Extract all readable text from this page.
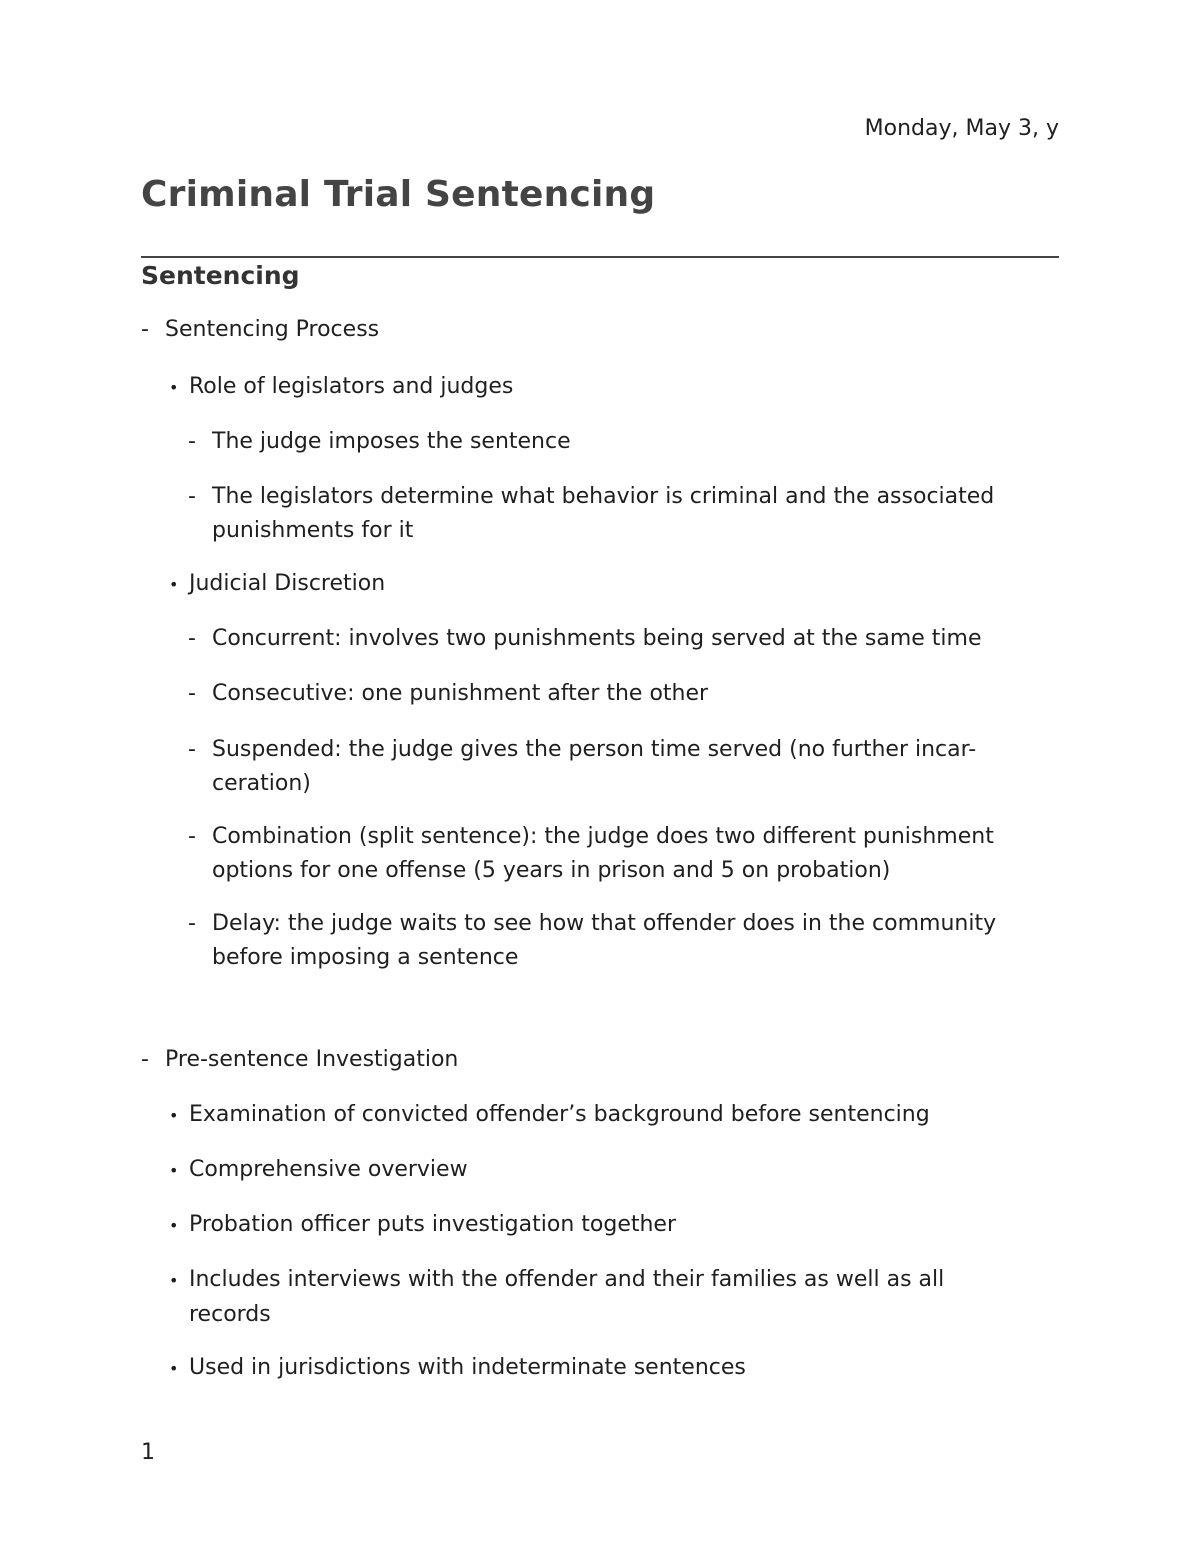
Monday, May 3, y
Criminal Trial Sentencing
Sentencing
- Sentencing Process
• Role of legislators and judges
- The judge imposes the sentence
- The legislators determine what behavior is criminal and the associated
punishments for it
• Judicial Discretion
- Concurrent: involves two punishments being served at the same time
- Consecutive: one punishment after the other
- Suspended: the judge gives the person time served (no further incar-
ceration)
- Combination (split sentence): the judge does two different punishment
options for one offense (5 years in prison and 5 on probation)
- Delay: the judge waits to see how that offender does in the community
before imposing a sentence
- Pre-sentence Investigation
• Examination of convicted offender’s background before sentencing
• Comprehensive overview
• Probation officer puts investigation together
• Includes interviews with the offender and their families as well as all
records
• Used in jurisdictions with indeterminate sentences
1
